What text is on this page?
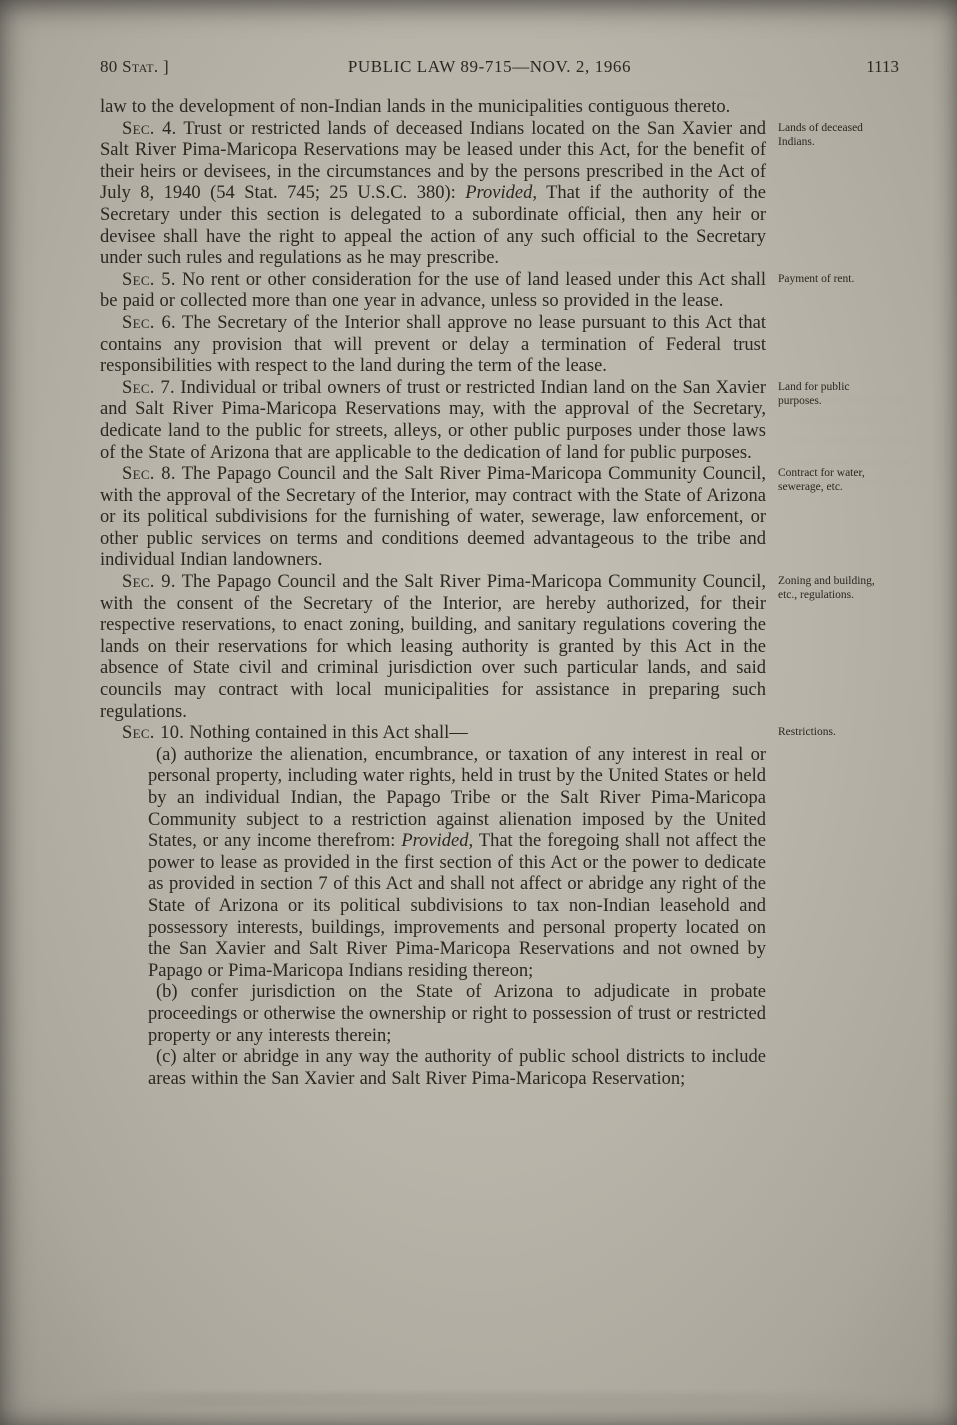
80 Stat. ]	PUBLIC LAW 89-715—NOV. 2, 1966	1113

law to the development of non-Indian lands in the municipalities contiguous thereto.

Sec. 4. Trust or restricted lands of deceased Indians located on the San Xavier and Salt River Pima-Maricopa Reservations may be leased under this Act, for the benefit of their heirs or devisees, in the circumstances and by the persons prescribed in the Act of July 8, 1940 (54 Stat. 745; 25 U.S.C. 380): Provided, That if the authority of the Secretary under this section is delegated to a subordinate official, then any heir or devisee shall have the right to appeal the action of any such official to the Secretary under such rules and regulations as he may prescribe.

Lands of deceased Indians.

Sec. 5. No rent or other consideration for the use of land leased under this Act shall be paid or collected more than one year in advance, unless so provided in the lease.

Payment of rent.

Sec. 6. The Secretary of the Interior shall approve no lease pursuant to this Act that contains any provision that will prevent or delay a termination of Federal trust responsibilities with respect to the land during the term of the lease.

Sec. 7. Individual or tribal owners of trust or restricted Indian land on the San Xavier and Salt River Pima-Maricopa Reservations may, with the approval of the Secretary, dedicate land to the public for streets, alleys, or other public purposes under those laws of the State of Arizona that are applicable to the dedication of land for public purposes.

Land for public purposes.

Sec. 8. The Papago Council and the Salt River Pima-Maricopa Community Council, with the approval of the Secretary of the Interior, may contract with the State of Arizona or its political subdivisions for the furnishing of water, sewerage, law enforcement, or other public services on terms and conditions deemed advantageous to the tribe and individual Indian landowners.

Contract for water, sewerage, etc.

Sec. 9. The Papago Council and the Salt River Pima-Maricopa Community Council, with the consent of the Secretary of the Interior, are hereby authorized, for their respective reservations, to enact zoning, building, and sanitary regulations covering the lands on their reservations for which leasing authority is granted by this Act in the absence of State civil and criminal jurisdiction over such particular lands, and said councils may contract with local municipalities for assistance in preparing such regulations.

Zoning and building, etc., regulations.

Sec. 10. Nothing contained in this Act shall—	Restrictions.

(a) authorize the alienation, encumbrance, or taxation of any interest in real or personal property, including water rights, held in trust by the United States or held by an individual Indian, the Papago Tribe or the Salt River Pima-Maricopa Community subject to a restriction against alienation imposed by the United States, or any income therefrom: Provided, That the foregoing shall not affect the power to lease as provided in the first section of this Act or the power to dedicate as provided in section 7 of this Act and shall not affect or abridge any right of the State of Arizona or its political subdivisions to tax non-Indian leasehold and possessory interests, buildings, improvements and personal property located on the San Xavier and Salt River Pima-Maricopa Reservations and not owned by Papago or Pima-Maricopa Indians residing thereon;

(b) confer jurisdiction on the State of Arizona to adjudicate in probate proceedings or otherwise the ownership or right to possession of trust or restricted property or any interests therein;

(c) alter or abridge in any way the authority of public school districts to include areas within the San Xavier and Salt River Pima-Maricopa Reservation;
